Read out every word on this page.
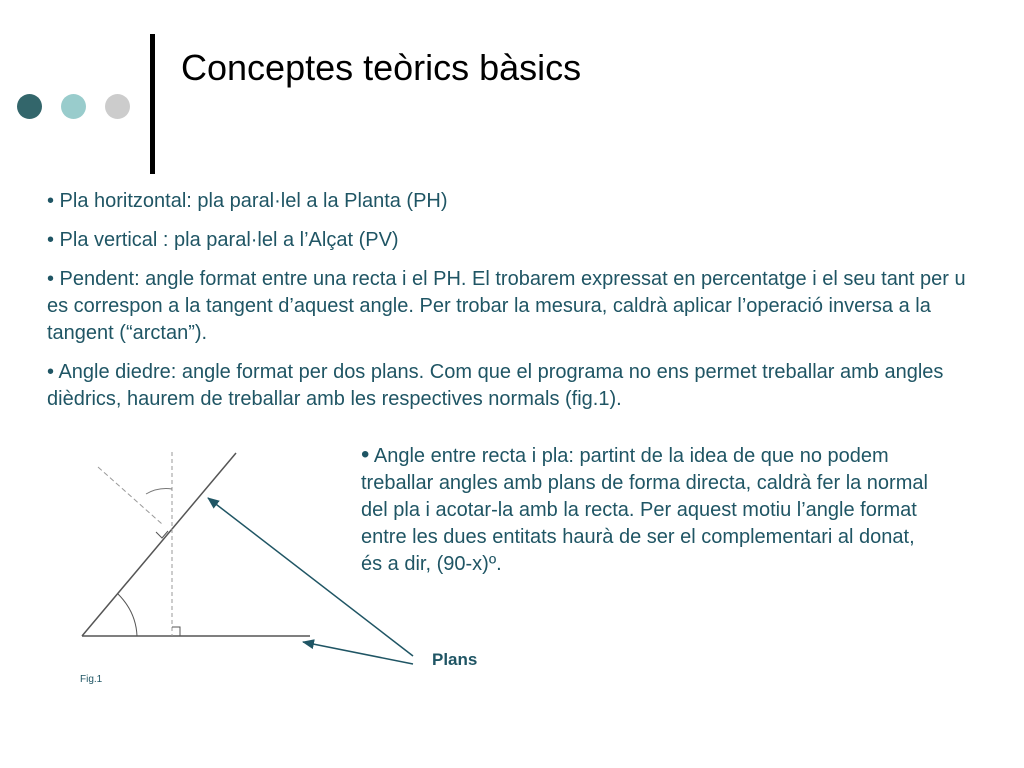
Conceptes teòrics bàsics

• Pla horitzontal: pla paral·lel a la Planta (PH)

• Pla vertical : pla paral·lel a l’Alçat (PV)

• Pendent: angle format entre una recta i el PH. El trobarem expressat en percentatge i el seu tant per u es correspon a la tangent d’aquest angle. Per trobar la mesura, caldrà aplicar l’operació inversa a la tangent (“arctan”).

• Angle diedre: angle format per dos plans. Com que el programa no ens permet treballar amb angles dièdrics, haurem de treballar amb les respectives normals (fig.1).

• Angle entre recta i pla: partint de la idea de que no podem treballar angles amb plans de forma directa, caldrà fer la normal del pla i acotar-la amb la recta. Per aquest motiu l’angle format entre les dues entitats haurà de ser el complementari al donat, és a dir, (90-x)º.

Plans
Fig.1
